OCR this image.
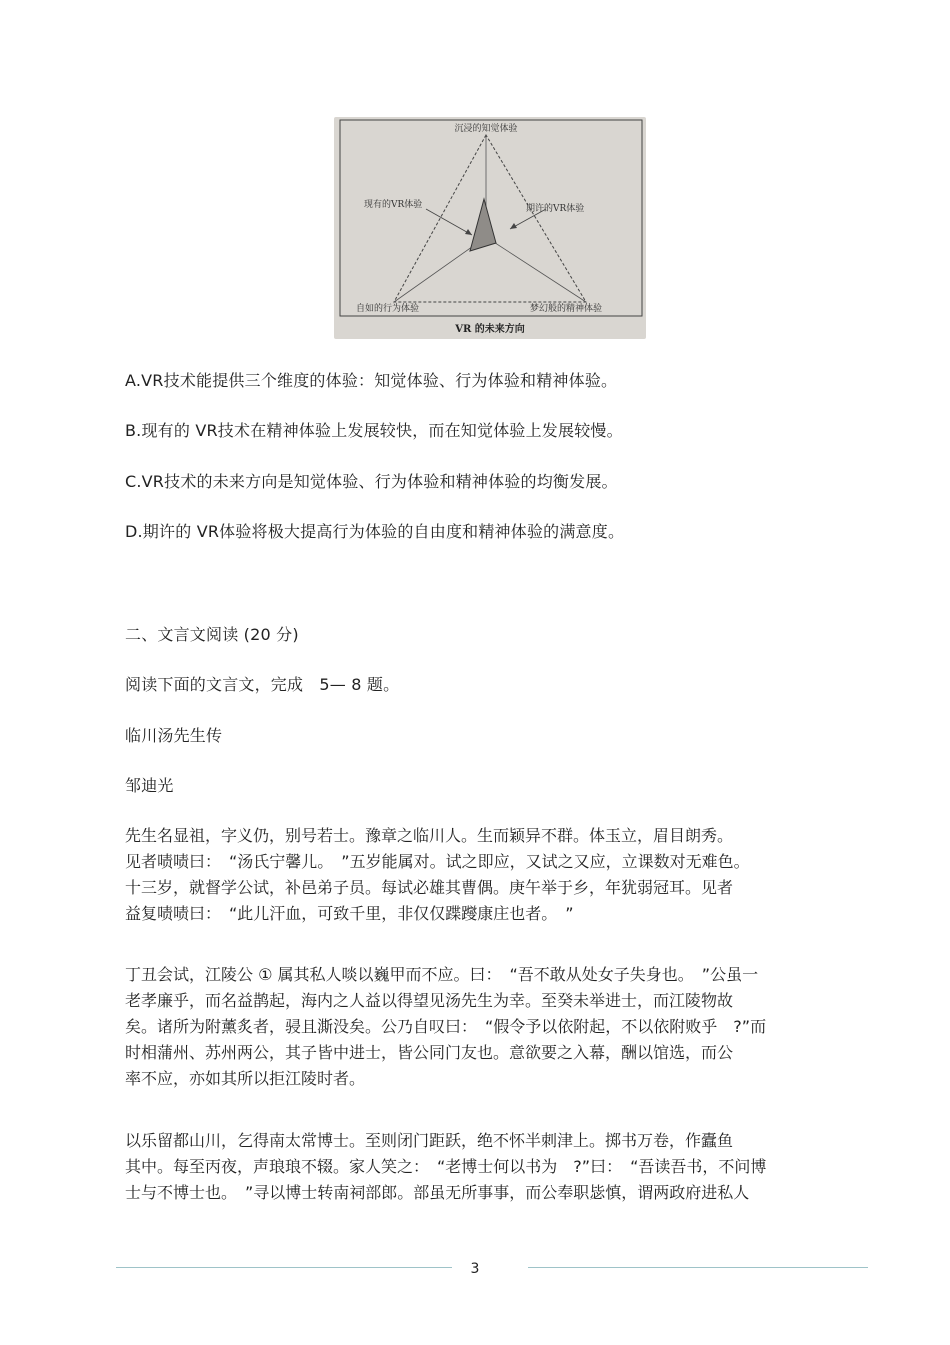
沉浸的知觉体验
现有的VR体验	期许的VR体验
自如的行为体验	梦幻般的精神体验
VR 的未来方向
A.VR技术能提供三个维度的体验：知觉体验、行为体验和精神体验。
B.现有的 VR技术在精神体验上发展较快，而在知觉体验上发展较慢。
C.VR技术的未来方向是知觉体验、行为体验和精神体验的均衡发展。
D.期许的 VR体验将极大提高行为体验的自由度和精神体验的满意度。
二、文言文阅读 (20 分)
阅读下面的文言文，完成　5— 8 题。
临川汤先生传
邹迪光
先生名显祖，字义仍，别号若士。豫章之临川人。生而颖异不群。体玉立，眉目朗秀。
见者啧啧曰：　“汤氏宁馨儿。　”五岁能属对。试之即应，又试之又应，立课数对无难色。
十三岁，就督学公试，补邑弟子员。每试必雄其曹偶。庚午举于乡，年犹弱冠耳。见者
益复啧啧曰：　“此儿汗血，可致千里，非仅仅蹀躞康庄也者。　”
丁丑会试，江陵公 ① 属其私人啖以巍甲而不应。曰：　“吾不敢从处女子失身也。　”公虽一
老孝廉乎，而名益鹊起，海内之人益以得望见汤先生为幸。至癸未举进士，而江陵物故
矣。诸所为附薰炙者，骎且澌没矣。公乃自叹曰：　“假令予以依附起，不以依附败乎　?”而
时相蒲州、苏州两公，其子皆中进士，皆公同门友也。意欲要之入幕，酬以馆选，而公
率不应，亦如其所以拒江陵时者。
以乐留都山川，乞得南太常博士。至则闭门距跃，绝不怀半刺津上。掷书万卷，作蠹鱼
其中。每至丙夜，声琅琅不辍。家人笑之：　“老博士何以书为　?”曰：　“吾读吾书，不问博
士与不博士也。　”寻以博士转南祠部郎。部虽无所事事，而公奉职毖慎，谓两政府进私人
3
